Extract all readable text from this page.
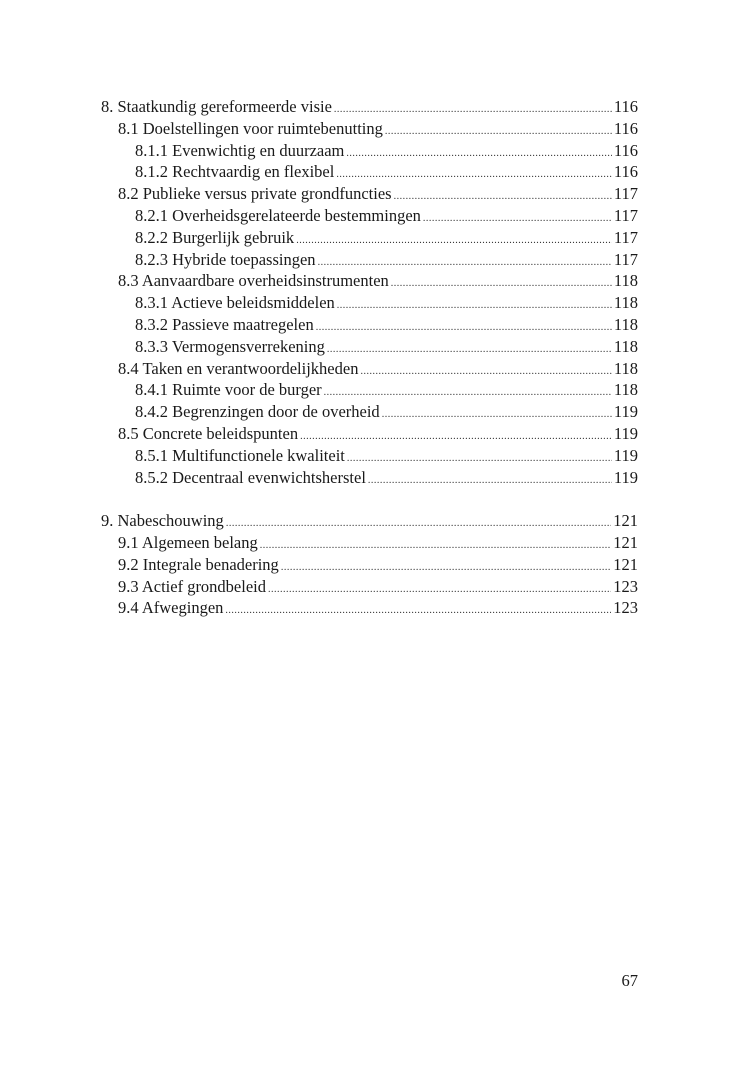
8. Staatkundig gereformeerde visie .....	116
8.1 Doelstellingen voor ruimtebenutting .....	116
8.1.1 Evenwichtig en duurzaam .....	116
8.1.2 Rechtvaardig en flexibel .....	116
8.2 Publieke versus private grondfuncties .....	117
8.2.1 Overheidsgerelateerde bestemmingen .....	117
8.2.2 Burgerlijk gebruik .....	117
8.2.3 Hybride toepassingen .....	117
8.3 Aanvaardbare overheidsinstrumenten .....	118
8.3.1 Actieve beleidsmiddelen .....	118
8.3.2 Passieve maatregelen .....	118
8.3.3 Vermogensverrekening .....	118
8.4 Taken en verantwoordelijkheden .....	118
8.4.1 Ruimte voor de burger .....	118
8.4.2 Begrenzingen door de overheid .....	119
8.5 Concrete beleidspunten .....	119
8.5.1 Multifunctionele kwaliteit .....	119
8.5.2 Decentraal evenwichtsherstel .....	119
9. Nabeschouwing .....	121
9.1 Algemeen belang .....	121
9.2 Integrale benadering .....	121
9.3 Actief grondbeleid .....	123
9.4 Afwegingen .....	123
67
